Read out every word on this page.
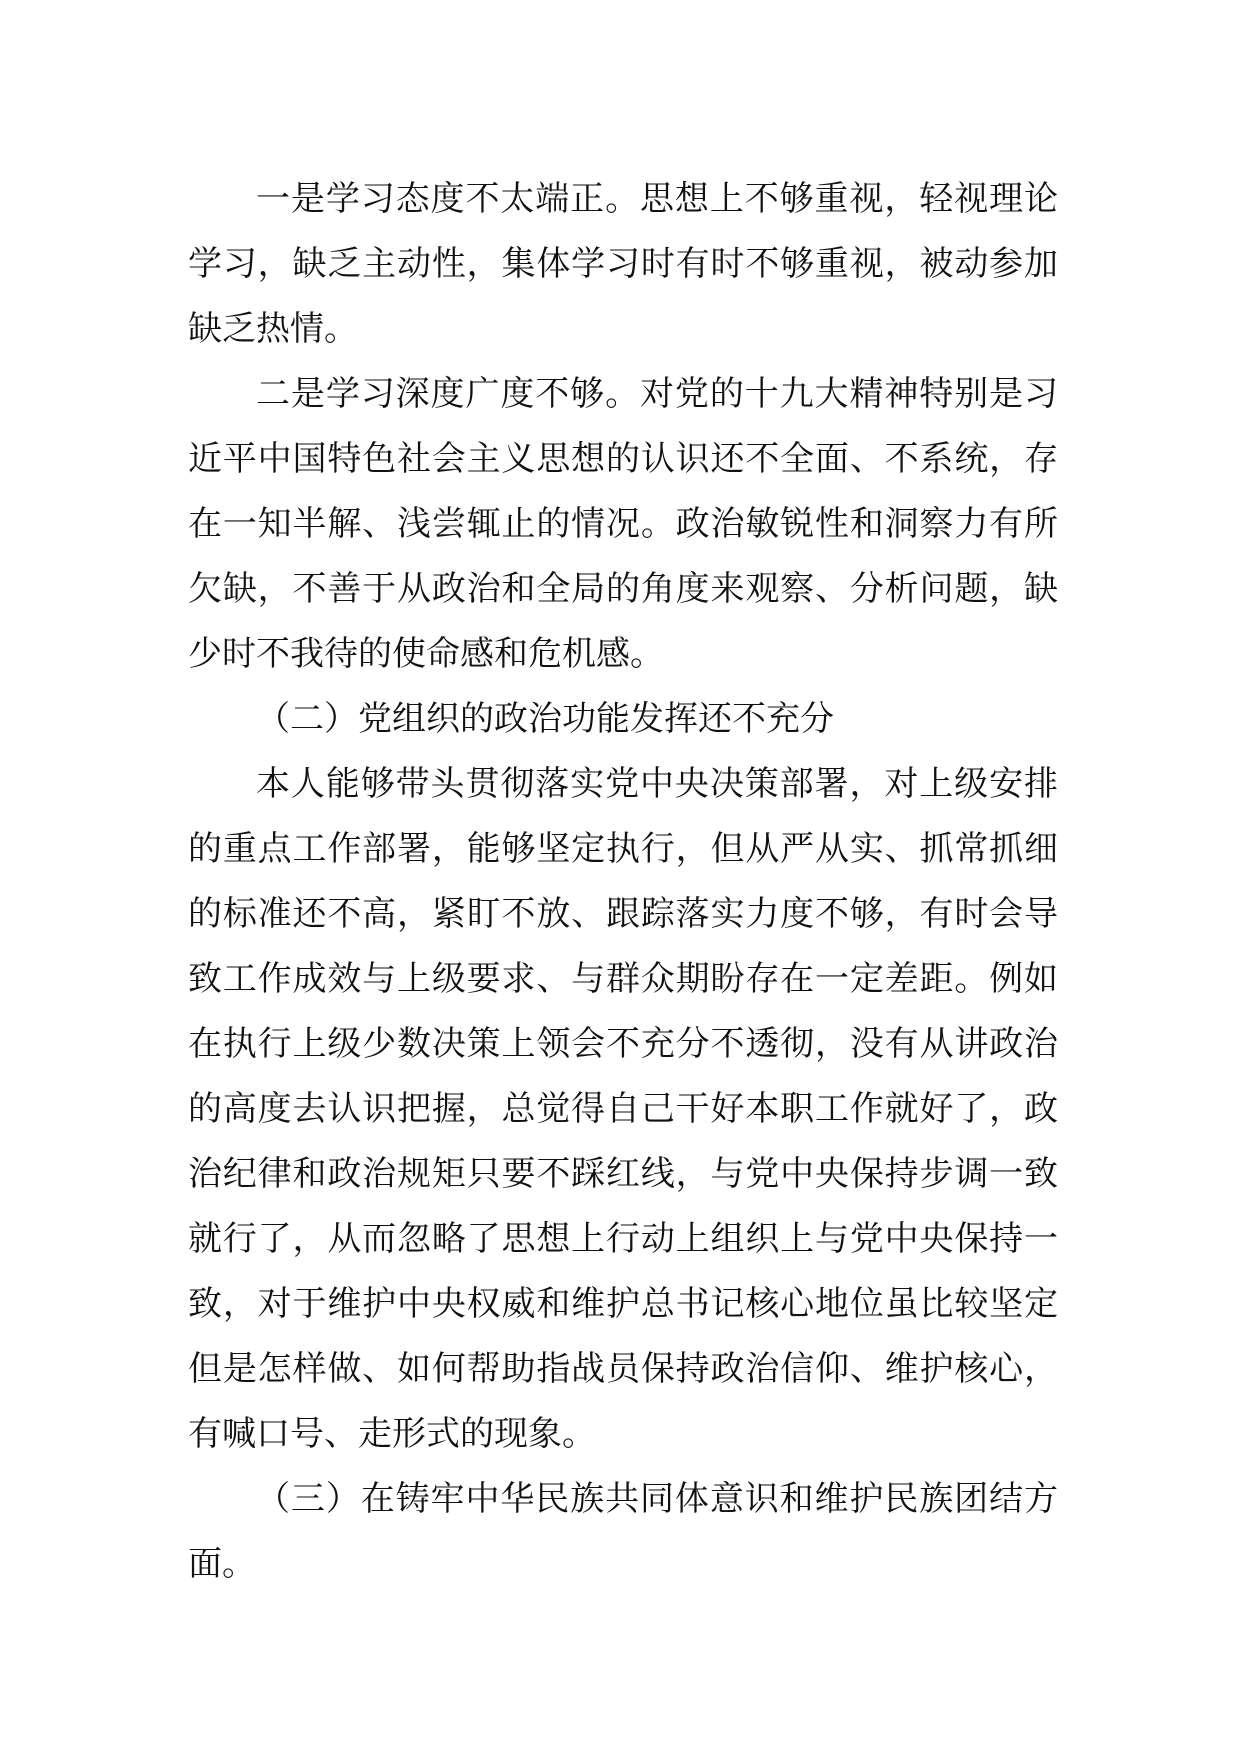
一是学习态度不太端正。思想上不够重视，轻视理论学习，缺乏主动性，集体学习时有时不够重视，被动参加缺乏热情。

二是学习深度广度不够。对党的十九大精神特别是习近平中国特色社会主义思想的认识还不全面、不系统，存在一知半解、浅尝辄止的情况。政治敏锐性和洞察力有所欠缺，不善于从政治和全局的角度来观察、分析问题，缺少时不我待的使命感和危机感。

（二）党组织的政治功能发挥还不充分

本人能够带头贯彻落实党中央决策部署，对上级安排的重点工作部署，能够坚定执行，但从严从实、抓常抓细的标准还不高，紧盯不放、跟踪落实力度不够，有时会导致工作成效与上级要求、与群众期盼存在一定差距。例如在执行上级少数决策上领会不充分不透彻，没有从讲政治的高度去认识把握，总觉得自己干好本职工作就好了，政治纪律和政治规矩只要不踩红线，与党中央保持步调一致就行了，从而忽略了思想上行动上组织上与党中央保持一致，对于维护中央权威和维护总书记核心地位虽比较坚定但是怎样做、如何帮助指战员保持政治信仰、维护核心，有喊口号、走形式的现象。

（三）在铸牢中华民族共同体意识和维护民族团结方面。
